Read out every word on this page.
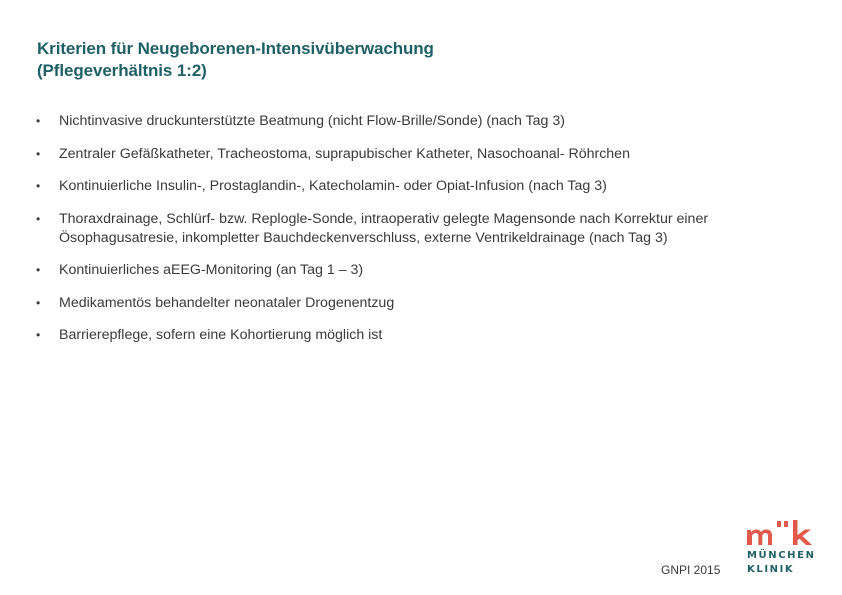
Kriterien für Neugeborenen-Intensivüberwachung
(Pflegeverhältnis 1:2)
• Nichtinvasive druckunterstützte Beatmung (nicht Flow-Brille/Sonde) (nach Tag 3)
• Zentraler Gefäßkatheter, Tracheostoma, suprapubischer Katheter, Nasochoanal- Röhrchen
• Kontinuierliche Insulin-, Prostaglandin-, Katecholamin- oder Opiat-Infusion (nach Tag 3)
• Thoraxdrainage, Schlürf- bzw. Replogle-Sonde, intraoperativ gelegte Magensonde nach Korrektur einer
Ösophagusatresie, inkompletter Bauchdeckenverschluss, externe Ventrikeldrainage (nach Tag 3)
• Kontinuierliches aEEG-Monitoring (an Tag 1 – 3)
• Medikamentös behandelter neonataler Drogenentzug
• Barrierepflege, sofern eine Kohortierung möglich ist
GNPI 2015
MÜNCHEN
KLINIK
